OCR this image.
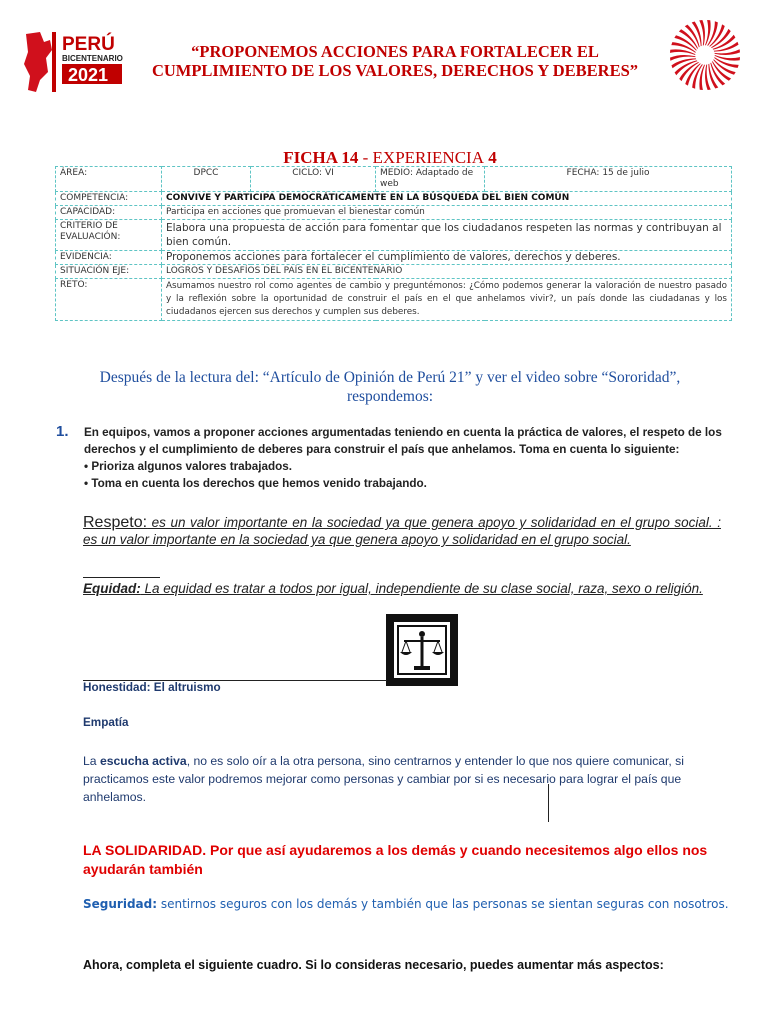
PERÚ
BICENTENARIO
2021
“PROPONEMOS ACCIONES PARA FORTALECER EL CUMPLIMIENTO DE LOS VALORES, DERECHOS Y DEBERES”
FICHA 14 - EXPERIENCIA 4
ÁREA:	DPCC	CICLO: VI	MEDIO: Adaptado de web	FECHA: 15 de julio
COMPETENCIA:	CONVIVE Y PARTICIPA DEMOCRÁTICAMENTE EN LA BÚSQUEDA DEL BIEN COMÚN			
CAPACIDAD:	Participa en acciones que promuevan el bienestar común			
CRITERIO DE EVALUACIÓN:	Elabora una propuesta de acción para fomentar que los ciudadanos respeten las normas y contribuyan al bien común.			
EVIDENCIA:	Proponemos acciones para fortalecer el cumplimiento de valores, derechos y deberes.			
SITUACIÓN EJE:	LOGROS Y DESAFÍOS DEL PAÍS EN EL BICENTENARIO			
RETO:	Asumamos nuestro rol como agentes de cambio y preguntémonos: ¿Cómo podemos generar la valoración de nuestro pasado y la reflexión sobre la oportunidad de construir el país en el que anhelamos vivir?, un país donde las ciudadanas y los ciudadanos ejercen sus derechos y cumplen sus deberes.			
Después de la lectura del: “Artículo de Opinión de Perú 21” y ver el video sobre “Sororidad”, respondemos:
1. En equipos, vamos a proponer acciones argumentadas teniendo en cuenta la práctica de valores, el respeto de los derechos y el cumplimiento de deberes para construir el país que anhelamos. Toma en cuenta lo siguiente:
• Prioriza algunos valores trabajados.
• Toma en cuenta los derechos que hemos venido trabajando.
Respeto: es un valor importante en la sociedad ya que genera apoyo y solidaridad en el grupo social. : es un valor importante en la sociedad ya que genera apoyo y solidaridad en el grupo social.
Equidad: La equidad es tratar a todos por igual, independiente de su clase social, raza, sexo o religión.
Honestidad: El altruismo
Empatía
La escucha activa, no es solo oír a la otra persona, sino centrarnos y entender lo que nos quiere comunicar, si practicamos este valor podremos mejorar como personas y cambiar por si es necesario para lograr el país que anhelamos.
LA SOLIDARIDAD. Por que así ayudaremos a los demás y cuando necesitemos algo ellos nos ayudarán también
Seguridad: sentirnos seguros con los demás y también que las personas se sientan seguras con nosotros.
Ahora, completa el siguiente cuadro. Si lo consideras necesario, puedes aumentar más aspectos:
